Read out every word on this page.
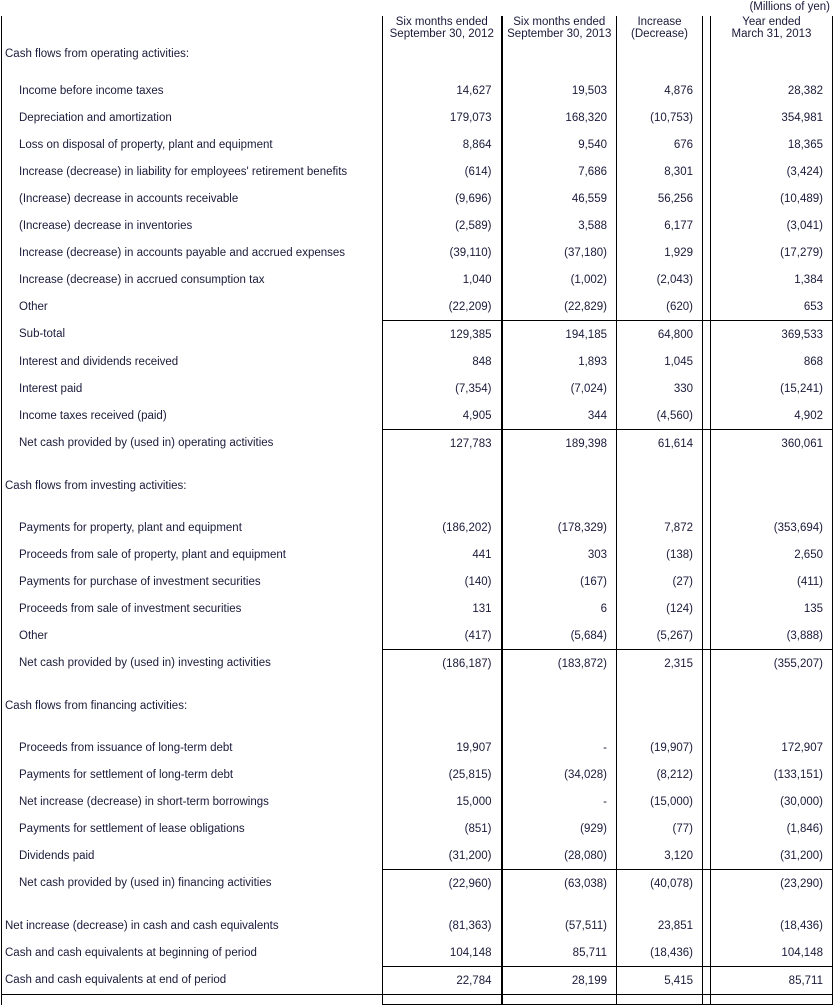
(Millions of yen)

Six months ended
September 30, 2012

Six months ended
September 30, 2013

Increase
(Decrease)

Year ended
March 31, 2013

Cash flows from operating activities:					

Income before income taxes	14,627	19,503	4,876		28,382
Depreciation and amortization	179,073	168,320	(10,753)		354,981
Loss on disposal of property, plant and equipment	8,864	9,540	676		18,365
Increase (decrease) in liability for employees' retirement benefits	(614)	7,686	8,301		(3,424)
(Increase) decrease in accounts receivable	(9,696)	46,559	56,256		(10,489)
(Increase) decrease in inventories	(2,589)	3,588	6,177		(3,041)
Increase (decrease) in accounts payable and accrued expenses	(39,110)	(37,180)	1,929		(17,279)
Increase (decrease) in accrued consumption tax	1,040	(1,002)	(2,043)		1,384
Other	(22,209)	(22,829)	(620)		653
Sub-total	129,385	194,185	64,800		369,533
Interest and dividends received	848	1,893	1,045		868
Interest paid	(7,354)	(7,024)	330		(15,241)
Income taxes received (paid)	4,905	344	(4,560)		4,902
Net cash provided by (used in) operating activities	127,783	189,398	61,614		360,061

Cash flows from investing activities:					

Payments for property, plant and equipment	(186,202)	(178,329)	7,872		(353,694)
Proceeds from sale of property, plant and equipment	441	303	(138)		2,650
Payments for purchase of investment securities	(140)	(167)	(27)		(411)
Proceeds from sale of investment securities	131	6	(124)		135
Other	(417)	(5,684)	(5,267)		(3,888)
Net cash provided by (used in) investing activities	(186,187)	(183,872)	2,315		(355,207)

Cash flows from financing activities:					

Proceeds from issuance of long-term debt	19,907	-	(19,907)		172,907
Payments for settlement of long-term debt	(25,815)	(34,028)	(8,212)		(133,151)
Net increase (decrease) in short-term borrowings	15,000	-	(15,000)		(30,000)
Payments for settlement of lease obligations	(851)	(929)	(77)		(1,846)
Dividends paid	(31,200)	(28,080)	3,120		(31,200)
Net cash provided by (used in) financing activities	(22,960)	(63,038)	(40,078)		(23,290)

Net increase (decrease) in cash and cash equivalents	(81,363)	(57,511)	23,851		(18,436)
Cash and cash equivalents at beginning of period	104,148	85,711	(18,436)		104,148
Cash and cash equivalents at end of period	22,784	28,199	5,415		85,711
